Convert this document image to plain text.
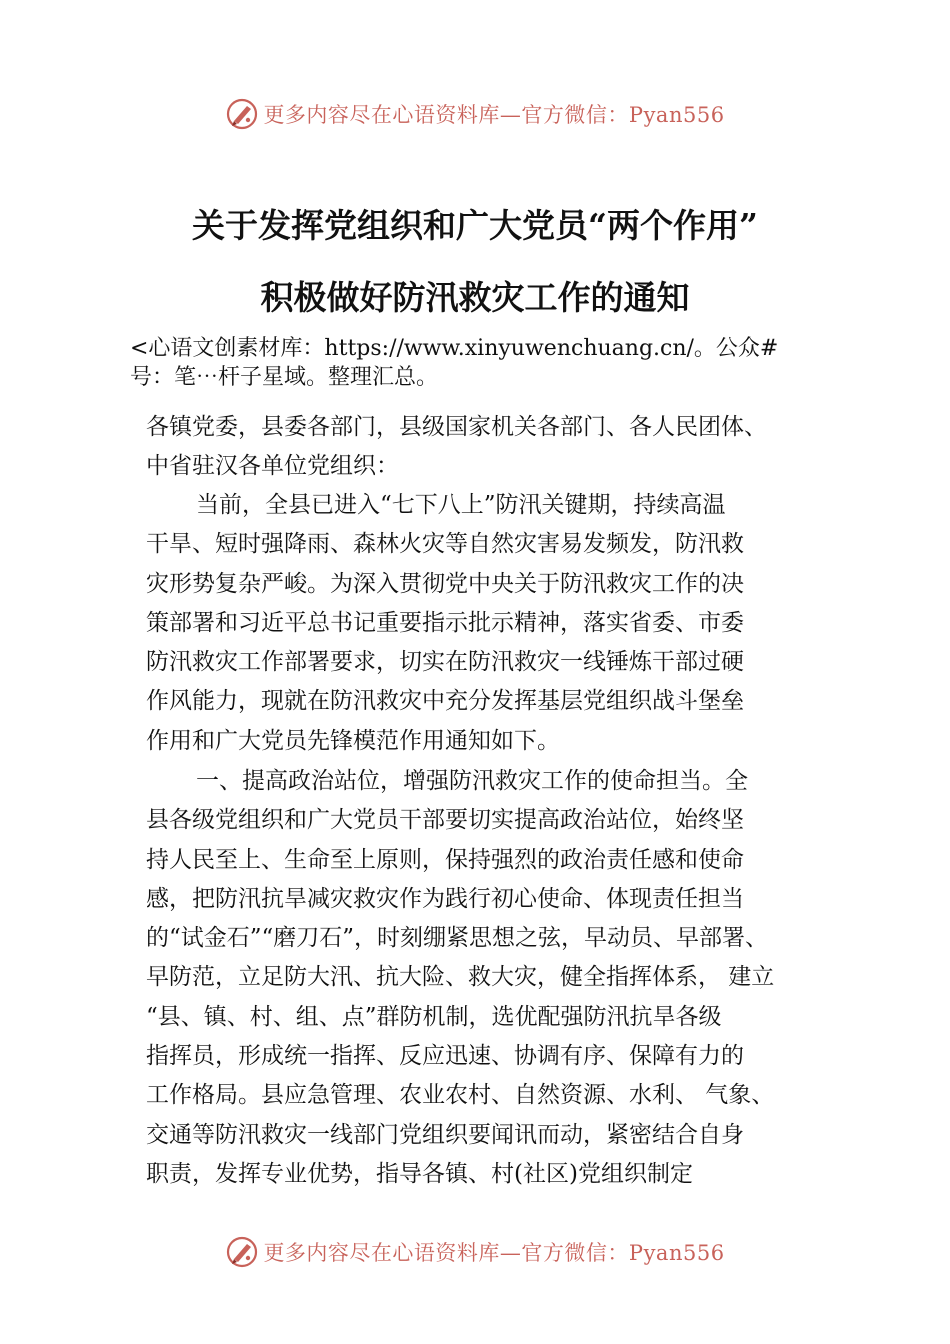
更多内容尽在心语资料库—官方微信：Pyan556
关于发挥党组织和广大党员“两个作用”
积极做好防汛救灾工作的通知
<心语文创素材库：https://www.xinyuwenchuang.cn/。公众#
号：笔⋯杆子星域。整理汇总。
各镇党委，县委各部门，县级国家机关各部门、各人民团体、
中省驻汉各单位党组织：
当前，全县已进入“七下八上”防汛关键期，持续高温
干旱、短时强降雨、森林火灾等自然灾害易发频发，防汛救
灾形势复杂严峻。为深入贯彻党中央关于防汛救灾工作的决
策部署和习近平总书记重要指示批示精神，落实省委、市委
防汛救灾工作部署要求，切实在防汛救灾一线锤炼干部过硬
作风能力，现就在防汛救灾中充分发挥基层党组织战斗堡垒
作用和广大党员先锋模范作用通知如下。
一、提高政治站位，增强防汛救灾工作的使命担当。全
县各级党组织和广大党员干部要切实提高政治站位，始终坚
持人民至上、生命至上原则，保持强烈的政治责任感和使命
感，把防汛抗旱减灾救灾作为践行初心使命、体现责任担当
的“试金石”“磨刀石”，时刻绷紧思想之弦，早动员、早部署、
早防范，立足防大汛、抗大险、救大灾，健全指挥体系， 建立
“县、镇、村、组、点”群防机制，选优配强防汛抗旱各级
指挥员，形成统一指挥、反应迅速、协调有序、保障有力的
工作格局。县应急管理、农业农村、自然资源、水利、 气象、
交通等防汛救灾一线部门党组织要闻讯而动，紧密结合自身
职责，发挥专业优势，指导各镇、村(社区)党组织制定
更多内容尽在心语资料库—官方微信：Pyan556
